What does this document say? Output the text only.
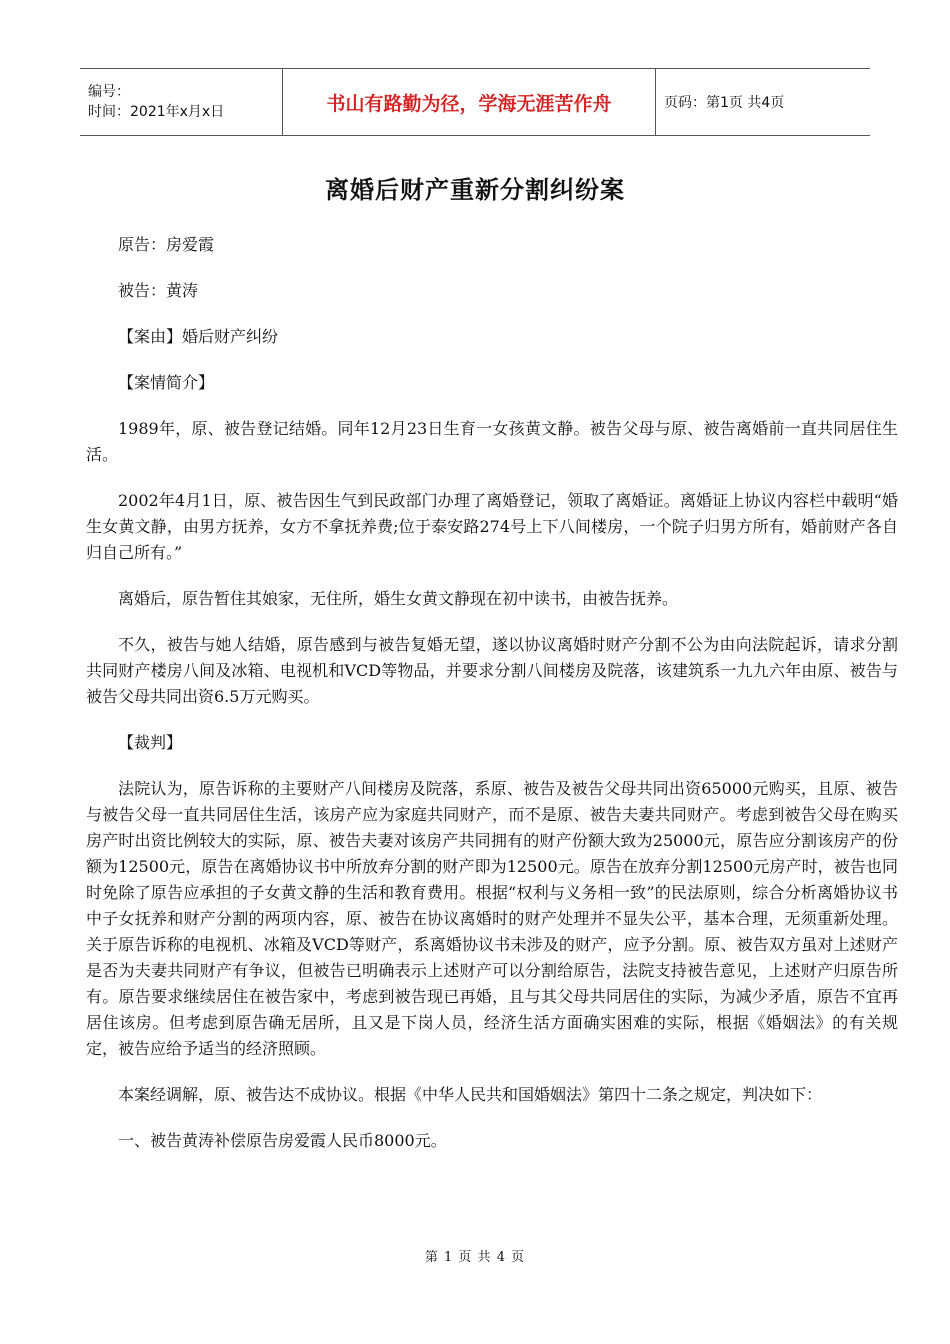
编号：
时间：2021年x月x日	书山有路勤为径，学海无涯苦作舟	页码：第1页 共4页
离婚后财产重新分割纠纷案

原告：房爱霞

被告：黄涛

【案由】婚后财产纠纷

【案情简介】

1989年，原、被告登记结婚。同年12月23日生育一女孩黄文静。被告父母与原、被告离婚前一直共同居住生活。

2002年4月1日，原、被告因生气到民政部门办理了离婚登记，领取了离婚证。离婚证上协议内容栏中载明“婚生女黄文静，由男方抚养，女方不拿抚养费;位于泰安路274号上下八间楼房，一个院子归男方所有，婚前财产各自归自己所有。”

离婚后，原告暂住其娘家，无住所，婚生女黄文静现在初中读书，由被告抚养。

不久，被告与她人结婚，原告感到与被告复婚无望，遂以协议离婚时财产分割不公为由向法院起诉，请求分割共同财产楼房八间及冰箱、电视机和VCD等物品，并要求分割八间楼房及院落，该建筑系一九九六年由原、被告与被告父母共同出资6.5万元购买。

【裁判】

法院认为，原告诉称的主要财产八间楼房及院落，系原、被告及被告父母共同出资65000元购买，且原、被告与被告父母一直共同居住生活，该房产应为家庭共同财产，而不是原、被告夫妻共同财产。考虑到被告父母在购买房产时出资比例较大的实际，原、被告夫妻对该房产共同拥有的财产份额大致为25000元，原告应分割该房产的份额为12500元，原告在离婚协议书中所放弃分割的财产即为12500元。原告在放弃分割12500元房产时，被告也同时免除了原告应承担的子女黄文静的生活和教育费用。根据“权利与义务相一致”的民法原则，综合分析离婚协议书中子女抚养和财产分割的两项内容，原、被告在协议离婚时的财产处理并不显失公平，基本合理，无须重新处理。关于原告诉称的电视机、冰箱及VCD等财产，系离婚协议书未涉及的财产，应予分割。原、被告双方虽对上述财产是否为夫妻共同财产有争议，但被告已明确表示上述财产可以分割给原告，法院支持被告意见，上述财产归原告所有。原告要求继续居住在被告家中，考虑到被告现已再婚，且与其父母共同居住的实际，为减少矛盾，原告不宜再居住该房。但考虑到原告确无居所，且又是下岗人员，经济生活方面确实困难的实际，根据《婚姻法》的有关规定，被告应给予适当的经济照顾。

本案经调解，原、被告达不成协议。根据《中华人民共和国婚姻法》第四十二条之规定，判决如下：

一、被告黄涛补偿原告房爱霞人民币8000元。

第 1 页 共 4 页
